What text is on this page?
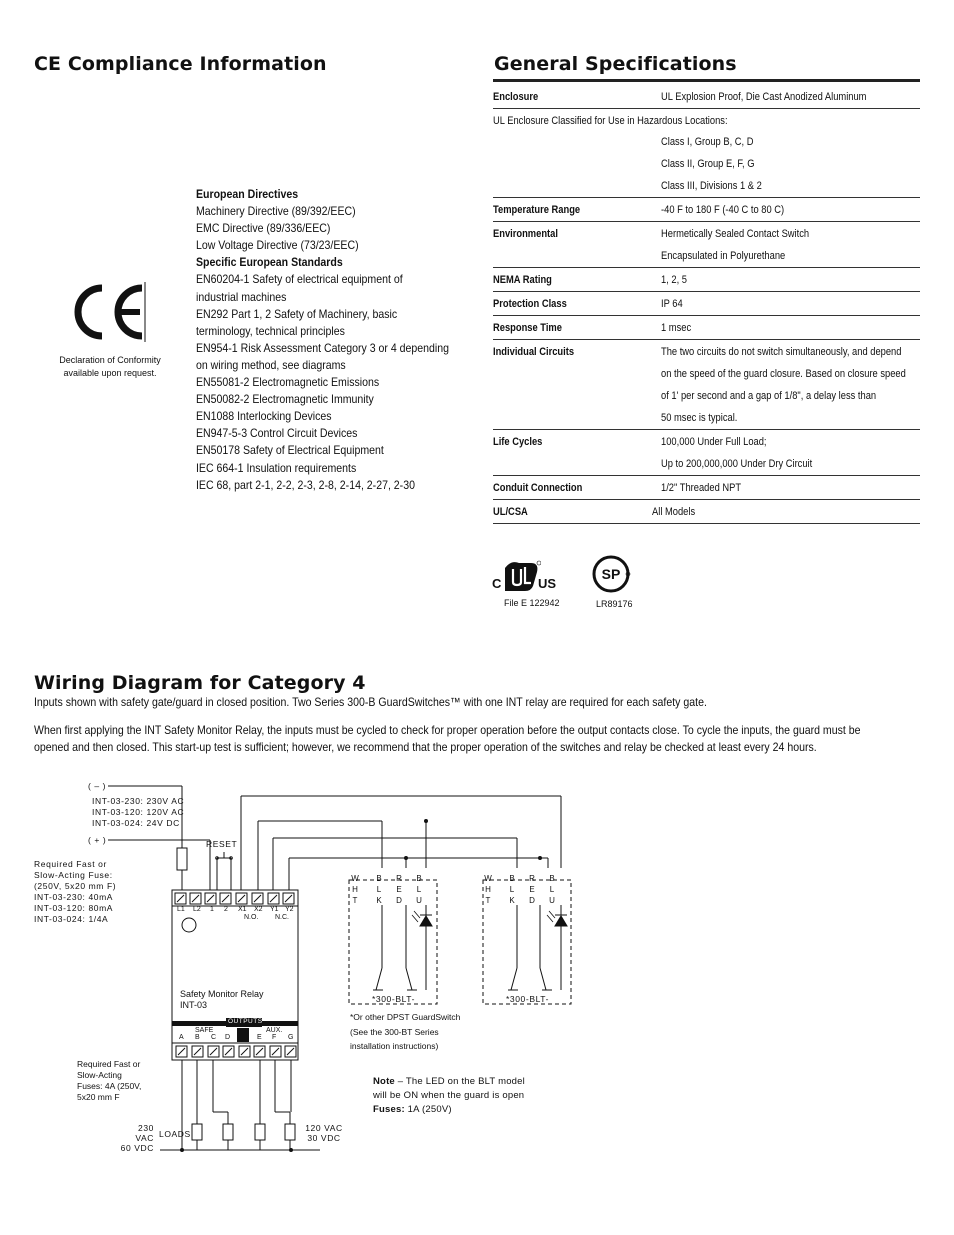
CE Compliance Information
Declaration of Conformity
available upon request.
European Directives
Machinery Directive (89/392/EEC)
EMC Directive (89/336/EEC)
Low Voltage Directive (73/23/EEC)
Specific European Standards
EN60204-1 Safety of electrical equipment of
industrial machines
EN292 Part 1, 2 Safety of Machinery, basic
terminology, technical principles
EN954-1 Risk Assessment Category 3 or 4 depending
on wiring method, see diagrams
EN55081-2 Electromagnetic Emissions
EN50082-2 Electromagnetic Immunity
EN1088 Interlocking Devices
EN947-5-3 Control Circuit Devices
EN50178 Safety of Electrical Equipment
IEC 664-1 Insulation requirements
IEC 68, part 2-1, 2-2, 2-3, 2-8, 2-14, 2-27, 2-30
General Specifications
Enclosure	UL Explosion Proof, Die Cast Anodized Aluminum
UL Enclosure Classified for Use in Hazardous Locations:
Class I, Group B, C, D
Class II, Group E, F, G
Class III, Divisions 1 & 2
Temperature Range	-40 F to 180 F (-40 C to 80 C)
Environmental	Hermetically Sealed Contact Switch
Encapsulated in Polyurethane
NEMA Rating	1, 2, 5
Protection Class	IP 64
Response Time	1 msec
Individual Circuits	The two circuits do not switch simultaneously, and depend
on the speed of the guard closure. Based on closure speed
of 1' per second and a gap of 1/8", a delay less than
50 msec is typical.
Life Cycles	100,000 Under Full Load;
Up to 200,000,000 Under Dry Circuit
Conduit Connection	1/2" Threaded NPT
UL/CSA	All Models
C	US
File E 122942
SP
LR89176
Wiring Diagram for Category 4
Inputs shown with safety gate/guard in closed position. Two Series 300-B GuardSwitches™ with one INT relay are required for each safety gate.
When first applying the INT Safety Monitor Relay, the inputs must be cycled to check for proper operation before the output contacts close. To cycle the inputs, the guard must be
opened and then closed. This start-up test is sufficient; however, we recommend that the proper operation of the switches and relay be checked at least every 24 hours.
( – )
( + )
INT-03-230: 230V AC
INT-03-120: 120V AC
INT-03-024: 24V DC
Required Fast or
Slow-Acting Fuse:
(250V, 5x20 mm F)
INT-03-230: 40mA
INT-03-120: 80mA
INT-03-024: 1/4A
RESET
L1 L2 1 2 X1 X2 Y1 Y2
N.O. N.C.
Safety Monitor Relay
INT-03
OUTPUTS
SAFE	AUX.
A B C D	E F G
Required Fast or
Slow-Acting
Fuses: 4A (250V,
5x20 mm F
230 VAC
60 VDC
LOADS
120 VAC
30 VDC
W
H
T
B
L
K
R
E
D
B
L
U
W
H
T
B
L
K
R
E
D
B
L
U
*300-BLT-	*300-BLT-
*Or other DPST GuardSwitch
(See the 300-BT Series
installation instructions)
Note – The LED on the BLT model
will be ON when the guard is open
Fuses: 1A (250V)
